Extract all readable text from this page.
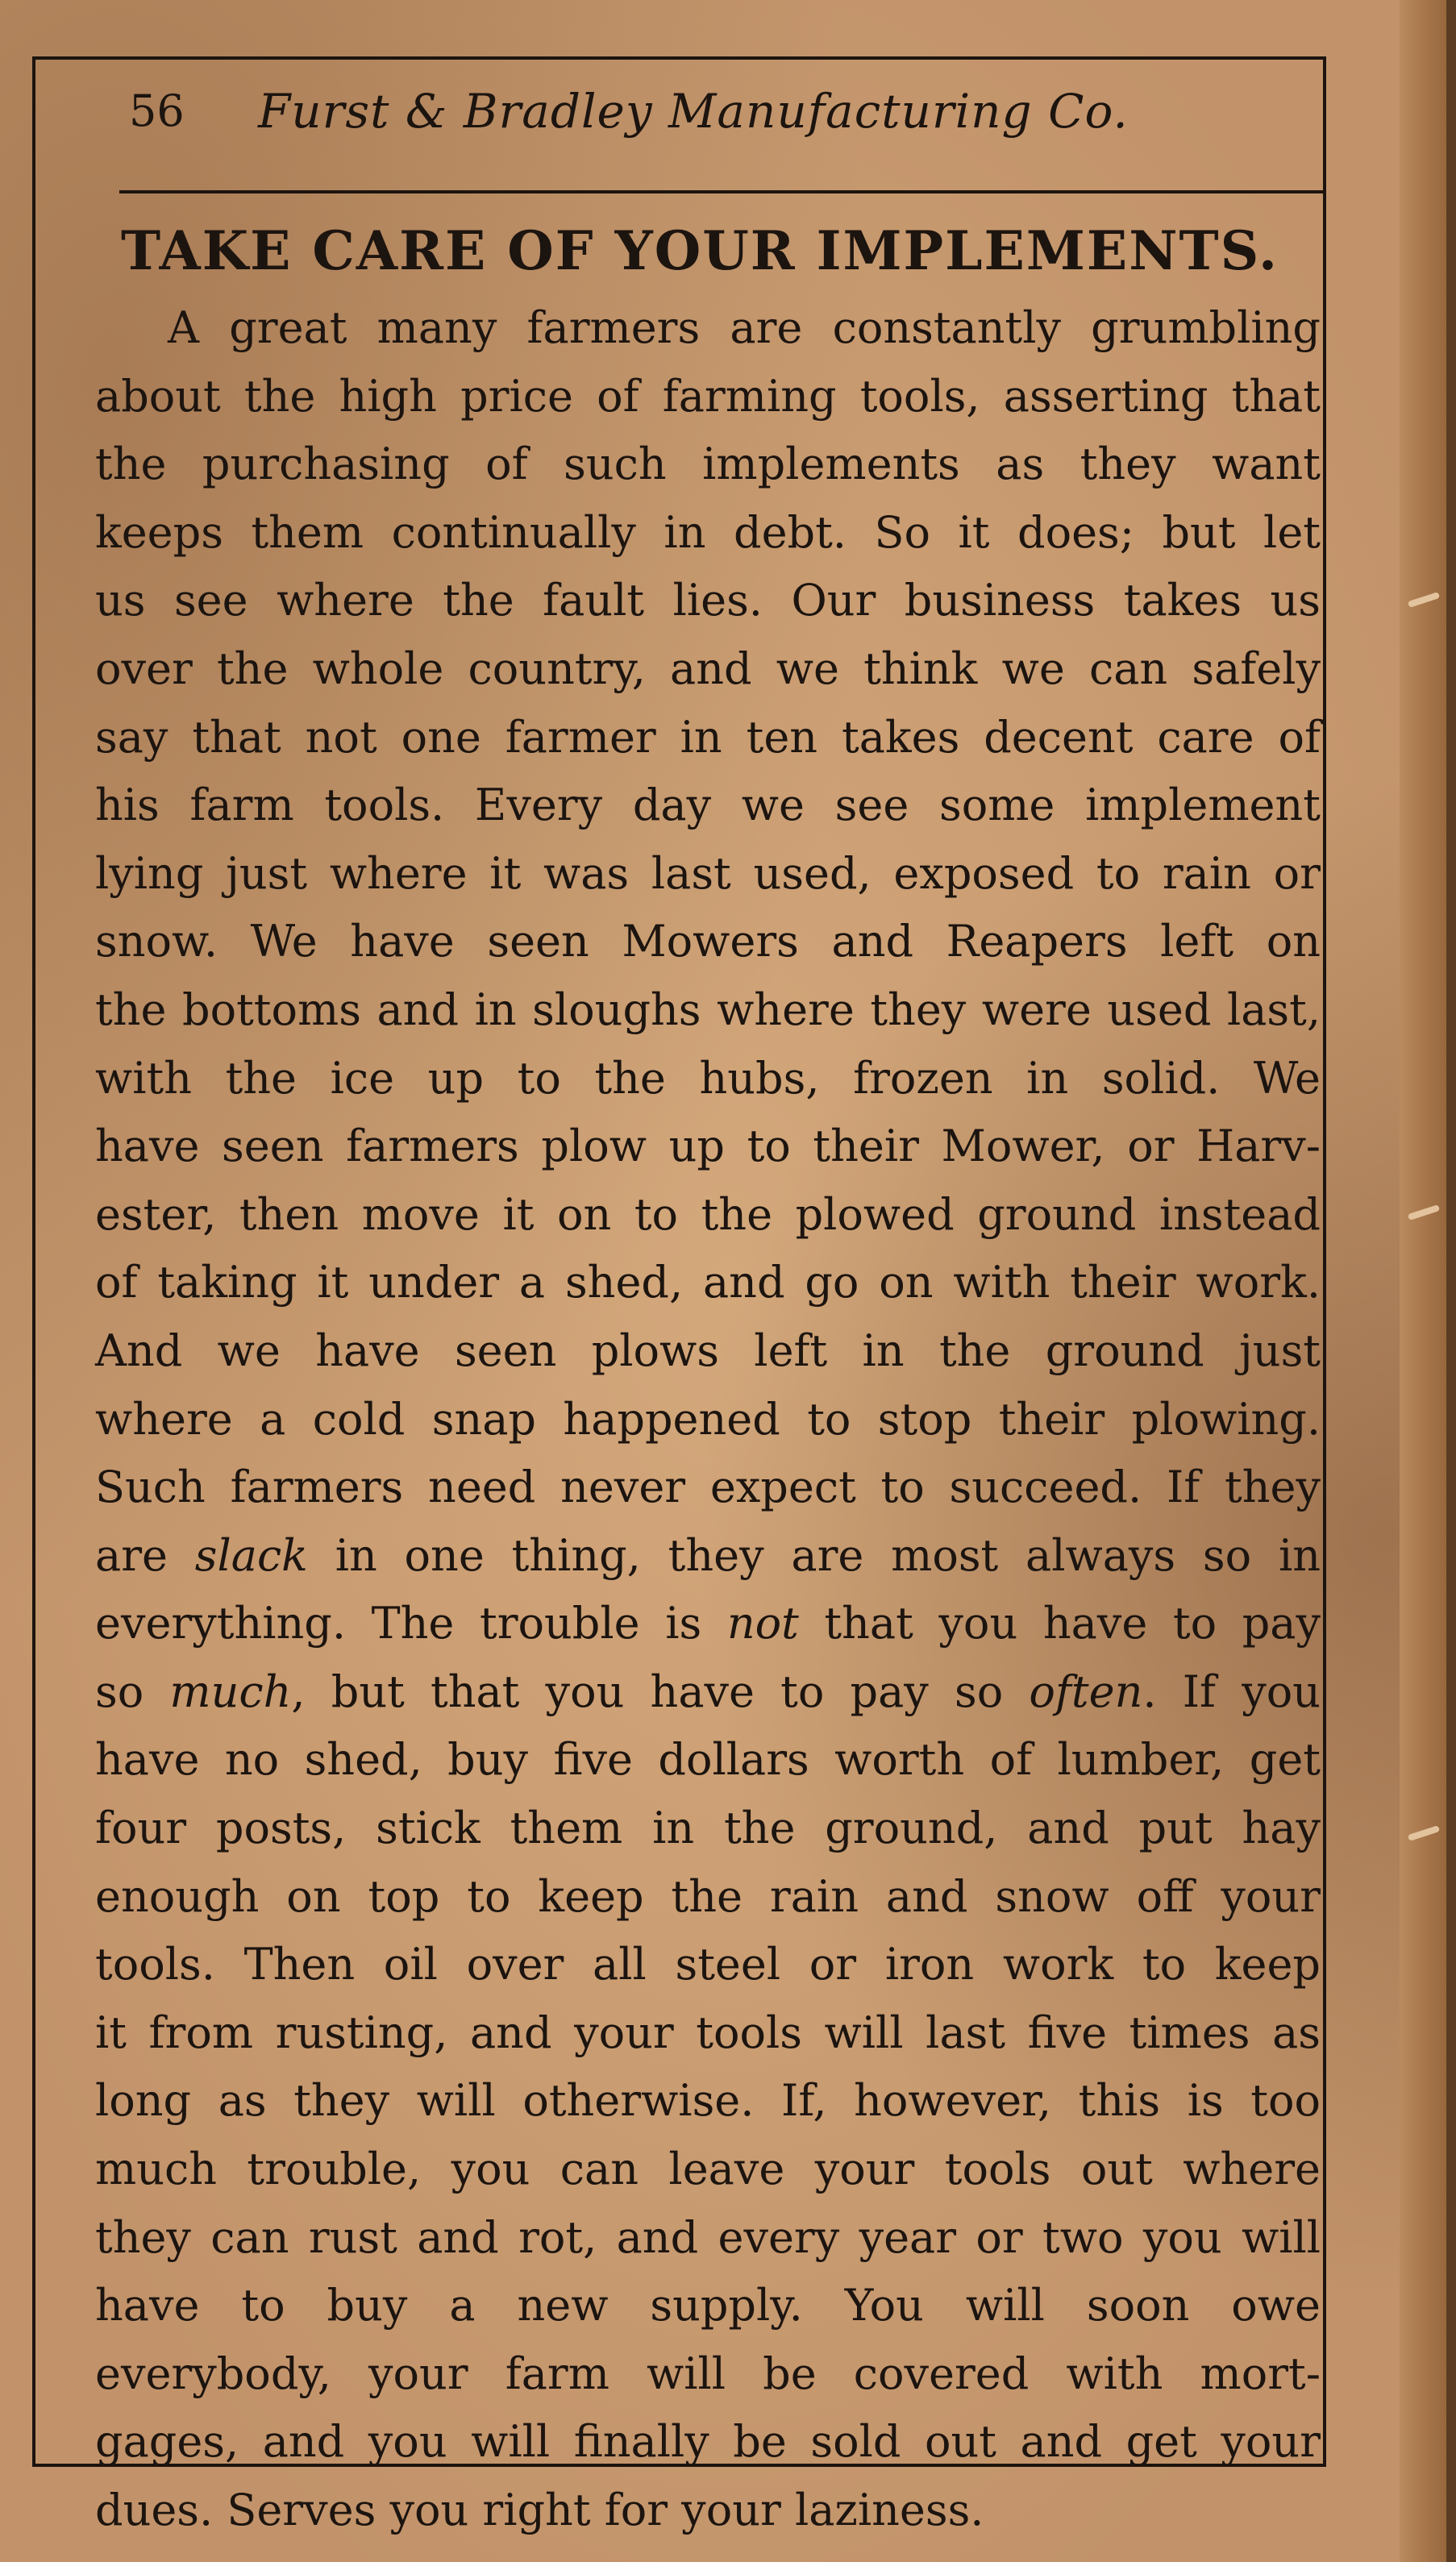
56 Furst & Bradley Manufacturing Co.
TAKE CARE OF YOUR IMPLEMENTS.
A great many farmers are constantly grumbling
about the high price of farming tools, asserting that
the purchasing of such implements as they want
keeps them continually in debt. So it does; but let
us see where the fault lies. Our business takes us
over the whole country, and we think we can safely
say that not one farmer in ten takes decent care of
his farm tools. Every day we see some implement
lying just where it was last used, exposed to rain or
snow. We have seen Mowers and Reapers left on
the bottoms and in sloughs where they were used last,
with the ice up to the hubs, frozen in solid. We
have seen farmers plow up to their Mower, or Harv-
ester, then move it on to the plowed ground instead
of taking it under a shed, and go on with their work.
And we have seen plows left in the ground just
where a cold snap happened to stop their plowing.
Such farmers need never expect to succeed. If they
are slack in one thing, they are most always so in
everything. The trouble is not that you have to pay
so much, but that you have to pay so often. If you
have no shed, buy five dollars worth of lumber, get
four posts, stick them in the ground, and put hay
enough on top to keep the rain and snow off your
tools. Then oil over all steel or iron work to keep
it from rusting, and your tools will last five times as
long as they will otherwise. If, however, this is too
much trouble, you can leave your tools out where
they can rust and rot, and every year or two you will
have to buy a new supply. You will soon owe
everybody, your farm will be covered with mort-
gages, and you will finally be sold out and get your
dues. Serves you right for your laziness.
